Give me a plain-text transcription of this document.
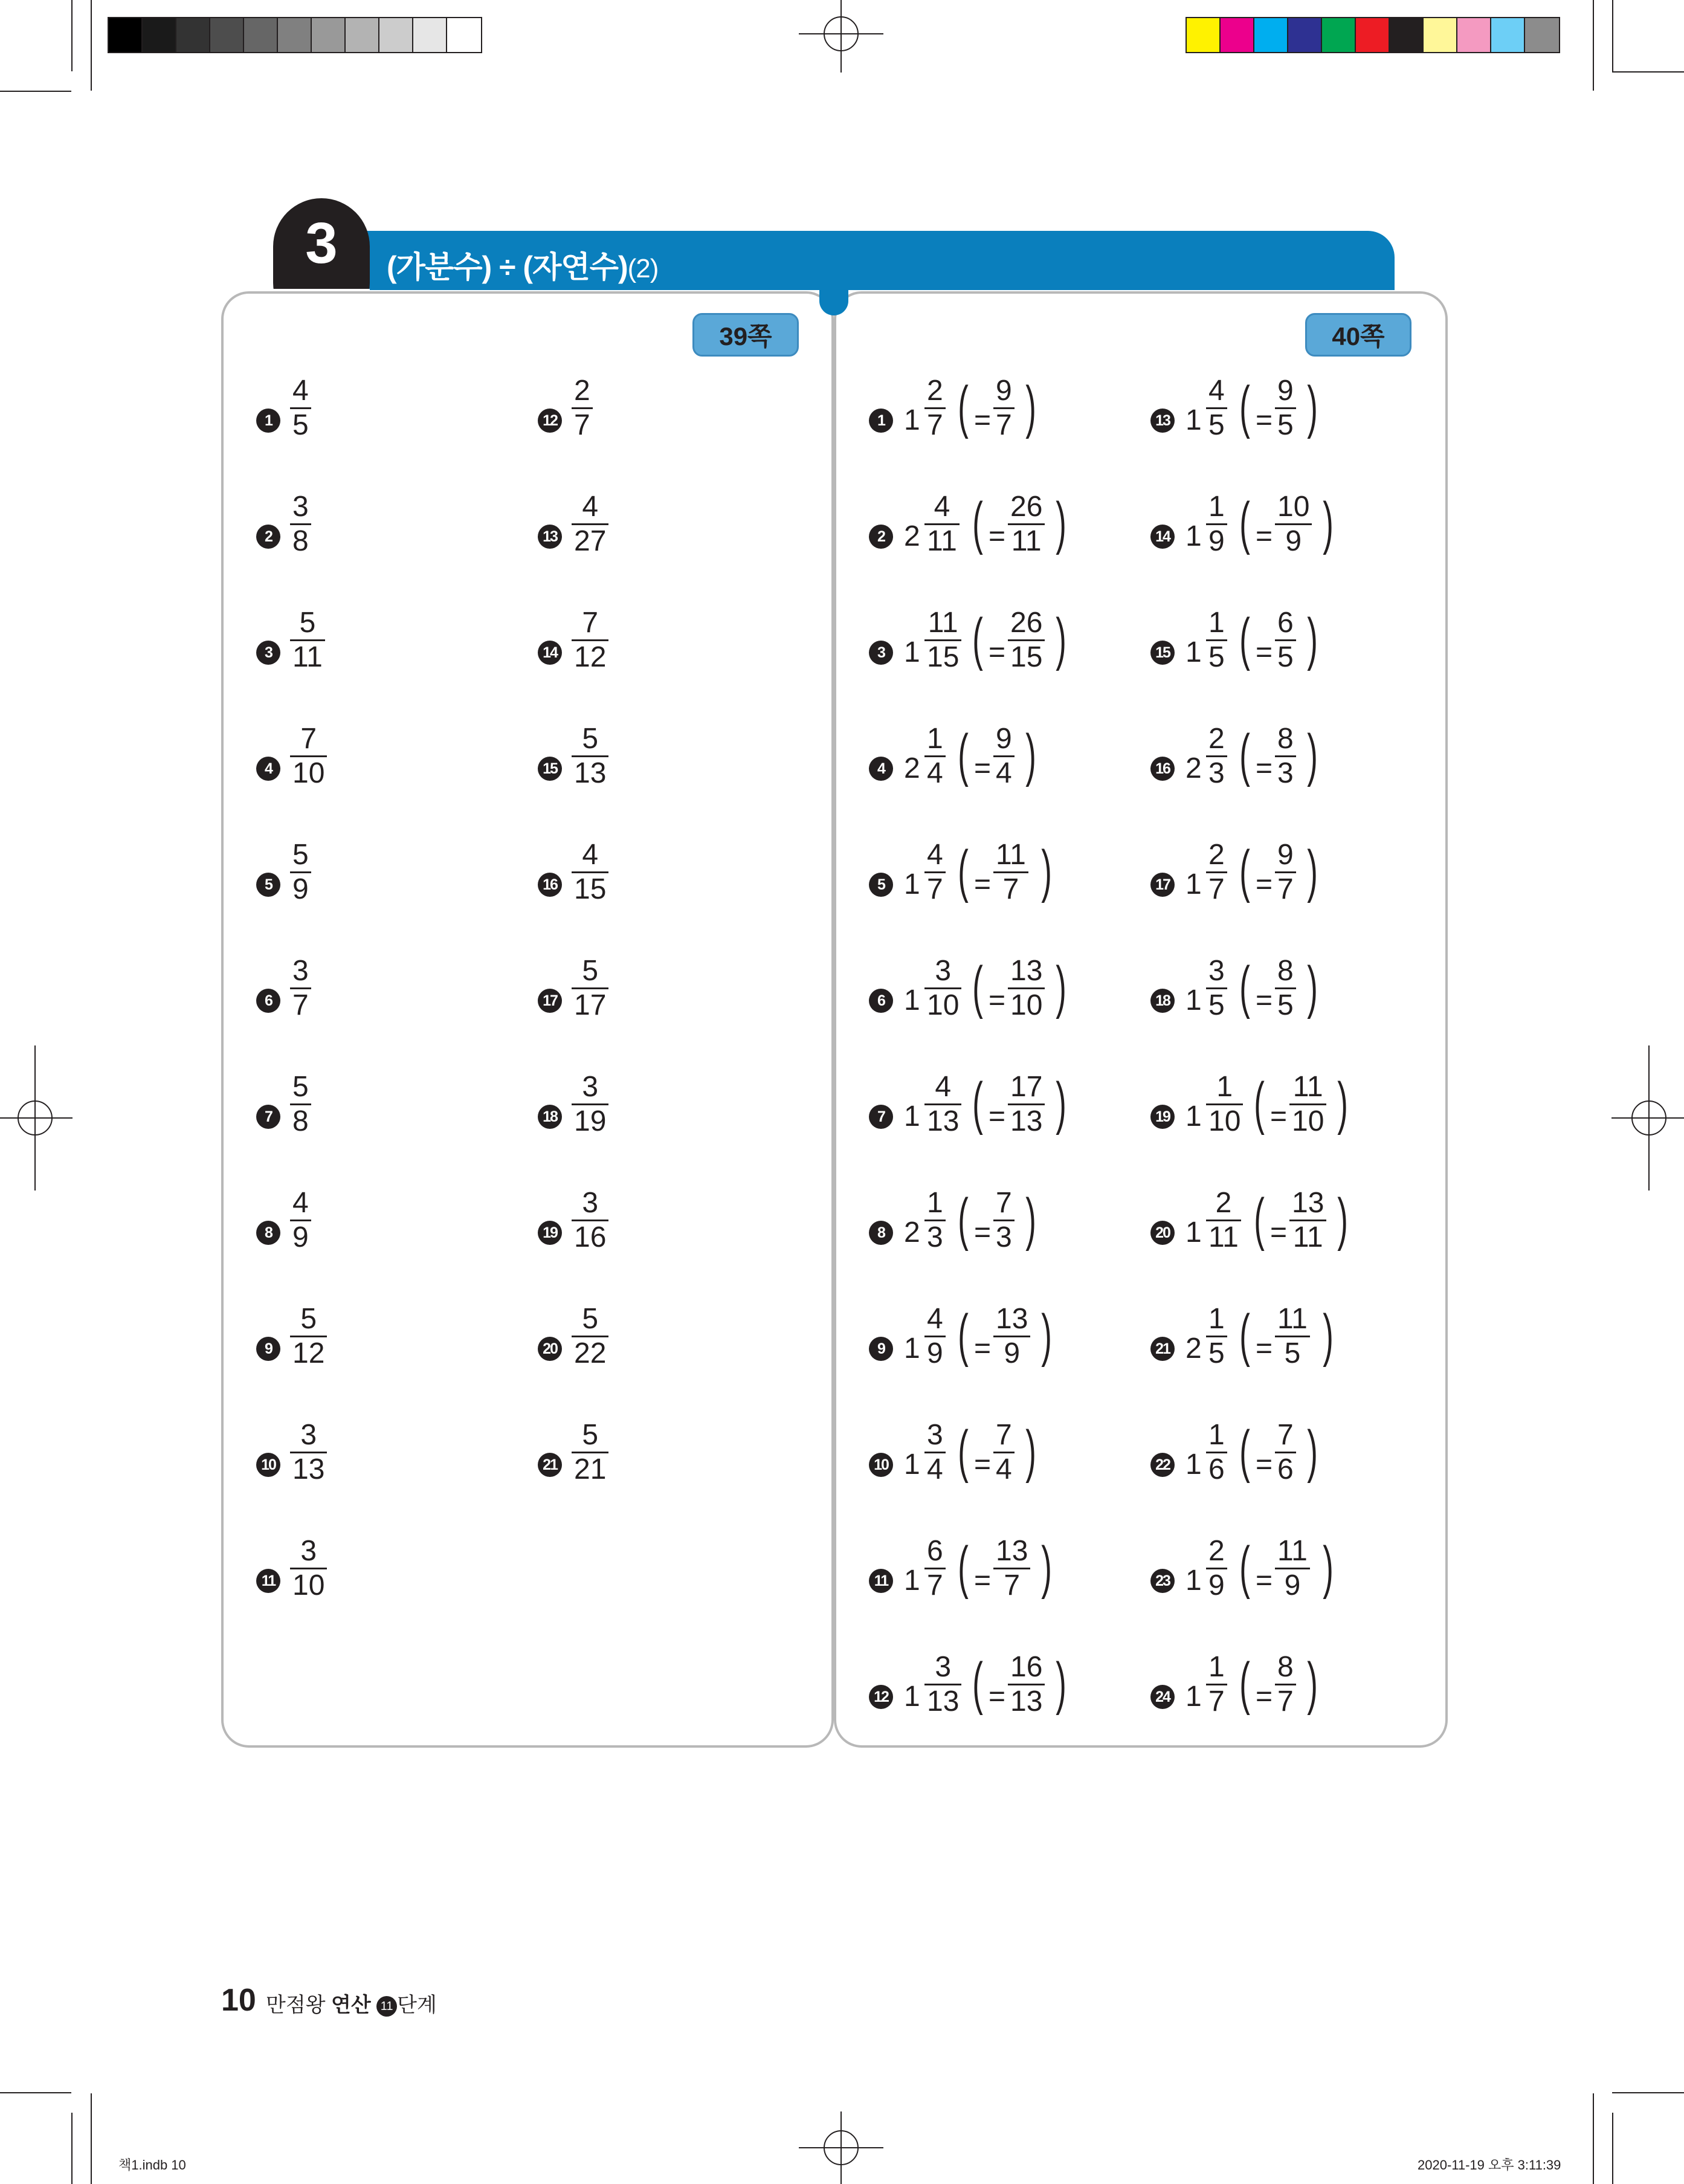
(가분수) ÷ (자연수)(2)
3
39쪽	40쪽
1
4
5
2
3
8
3
5
11
4
7
10
5
5
9
6
3
7
7
5
8
8
4
9
9
5
12
10
3
13
11
3
10
12
2
7
13
4
27
14
7
12
15
5
13
16
4
15
17
5
17
18
3
19
19
3
16
20
5
22
21
5
21
1 1
2
7 ( =
9
7 )
2 2
4
11 ( =
26
11 )
3 1
11
15 ( =
26
15 )
4 2
1
4 ( =
9
4 )
5 1
4
7 ( =
11
7 )
6 1
3
10 ( =
13
10 )
7 1
4
13 ( =
17
13 )
8 2
1
3 ( =
7
3 )
9 1
4
9 ( =
13
9 )
10 1
3
4 ( =
7
4 )
11 1
6
7 ( =
13
7 )
12 1
3
13 ( =
16
13 )
13 1
4
5 ( =
9
5 )
14 1
1
9 ( =
10
9 )
15 1
1
5 ( =
6
5 )
16 2
2
3 ( =
8
3 )
17 1
2
7 ( =
9
7 )
18 1
3
5 ( =
8
5 )
19 1
1
10 ( =
11
10 )
20 1
2
11 ( =
13
11 )
21 2
1
5 ( =
11
5 )
22 1
1
6 ( =
7
6 )
23 1
2
9 ( =
11
9 )
24 1
1
7 ( =
8
7 )
10 만점왕 연산 11 단계
책1.indb 10	2020-11-19 오후 3:11:39
